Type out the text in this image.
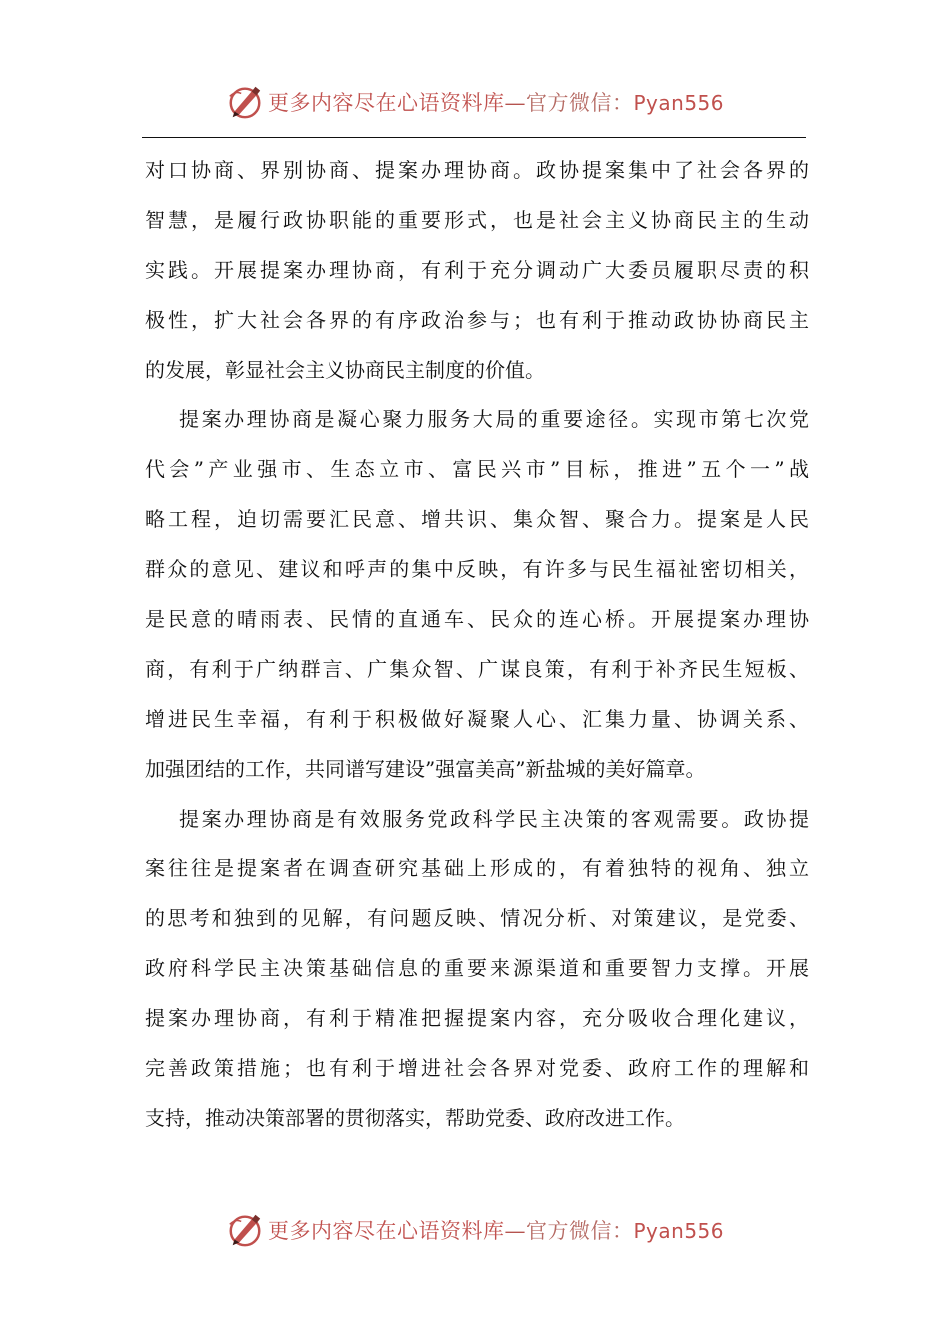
更多内容尽在心语资料库—官方微信：Pyan556
对口协商、界别协商、提案办理协商。政协提案集中了社会各界的
智慧，是履行政协职能的重要形式，也是社会主义协商民主的生动
实践。开展提案办理协商，有利于充分调动广大委员履职尽责的积
极性，扩大社会各界的有序政治参与；也有利于推动政协协商民主
的发展，彰显社会主义协商民主制度的价值。
提案办理协商是凝心聚力服务大局的重要途径。实现市第七次党
代会”产业强市、生态立市、富民兴市”目标，推进”五个一”战
略工程，迫切需要汇民意、增共识、集众智、聚合力。提案是人民
群众的意见、建议和呼声的集中反映，有许多与民生福祉密切相关，
是民意的晴雨表、民情的直通车、民众的连心桥。开展提案办理协
商，有利于广纳群言、广集众智、广谋良策，有利于补齐民生短板、
增进民生幸福，有利于积极做好凝聚人心、汇集力量、协调关系、
加强团结的工作，共同谱写建设”强富美高”新盐城的美好篇章。
提案办理协商是有效服务党政科学民主决策的客观需要。政协提
案往往是提案者在调查研究基础上形成的，有着独特的视角、独立
的思考和独到的见解，有问题反映、情况分析、对策建议，是党委、
政府科学民主决策基础信息的重要来源渠道和重要智力支撑。开展
提案办理协商，有利于精准把握提案内容，充分吸收合理化建议，
完善政策措施；也有利于增进社会各界对党委、政府工作的理解和
支持，推动决策部署的贯彻落实，帮助党委、政府改进工作。
更多内容尽在心语资料库—官方微信：Pyan556
